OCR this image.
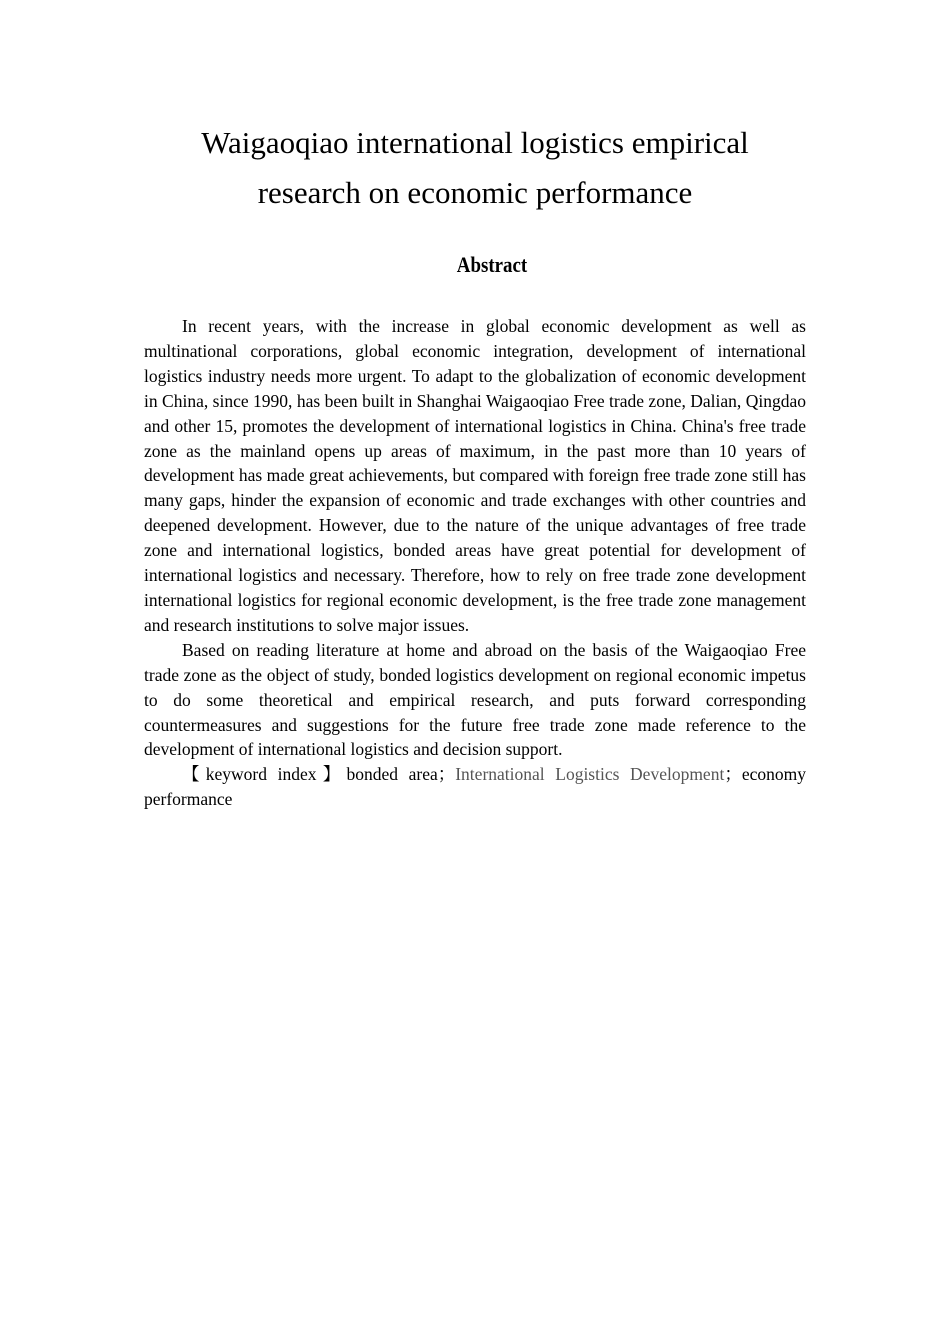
Waigaoqiao international logistics empirical
research on economic performance
Abstract

In recent years, with the increase in global economic development as well as multinational corporations, global economic integration, development of international logistics industry needs more urgent. To adapt to the globalization of economic development in China, since 1990, has been built in Shanghai Waigaoqiao Free trade zone, Dalian, Qingdao and other 15, promotes the development of international logistics in China. China's free trade zone as the mainland opens up areas of maximum, in the past more than 10 years of development has made great achievements, but compared with foreign free trade zone still has many gaps, hinder the expansion of economic and trade exchanges with other countries and deepened development. However, due to the nature of the unique advantages of free trade zone and international logistics, bonded areas have great potential for development of international logistics and necessary. Therefore, how to rely on free trade zone development international logistics for regional economic development, is the free trade zone management and research institutions to solve major issues.

Based on reading literature at home and abroad on the basis of the Waigaoqiao Free trade zone as the object of study, bonded logistics development on regional economic impetus to do some theoretical and empirical research, and puts forward corresponding countermeasures and suggestions for the future free trade zone made reference to the development of international logistics and decision support.

【keyword index】bonded area；International Logistics Development；economy performance
